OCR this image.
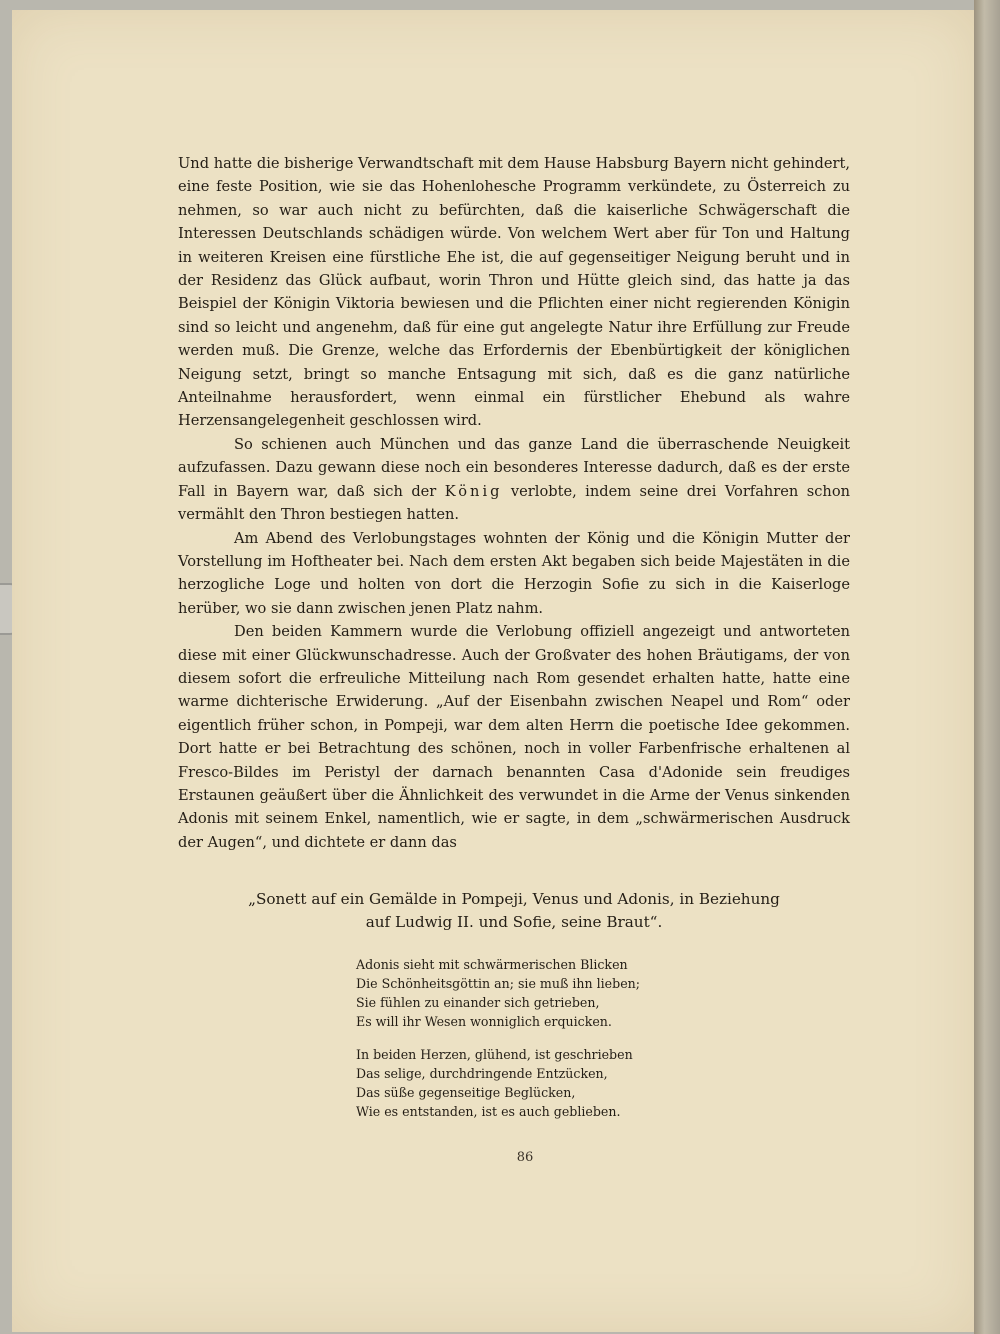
Und hatte die bisherige Verwandtschaft mit dem Hause Habsburg Bayern nicht gehindert, eine feste Position, wie sie das Hohenlohesche Programm verkündete, zu Österreich zu nehmen, so war auch nicht zu befürchten, daß die kaiserliche Schwägerschaft die Interessen Deutschlands schädigen würde. Von welchem Wert aber für Ton und Haltung in weiteren Kreisen eine fürstliche Ehe ist, die auf gegenseitiger Neigung beruht und in der Residenz das Glück aufbaut, worin Thron und Hütte gleich sind, das hatte ja das Beispiel der Königin Viktoria bewiesen und die Pflichten einer nicht regierenden Königin sind so leicht und angenehm, daß für eine gut angelegte Natur ihre Erfüllung zur Freude werden muß. Die Grenze, welche das Erfordernis der Ebenbürtigkeit der königlichen Neigung setzt, bringt so manche Entsagung mit sich, daß es die ganz natürliche Anteilnahme herausfordert, wenn einmal ein fürstlicher Ehebund als wahre Herzensangelegenheit geschlossen wird.

So schienen auch München und das ganze Land die überraschende Neuigkeit aufzufassen. Dazu gewann diese noch ein besonderes Interesse dadurch, daß es der erste Fall in Bayern war, daß sich der König verlobte, indem seine drei Vorfahren schon vermählt den Thron bestiegen hatten.

Am Abend des Verlobungstages wohnten der König und die Königin Mutter der Vorstellung im Hoftheater bei. Nach dem ersten Akt begaben sich beide Majestäten in die herzogliche Loge und holten von dort die Herzogin Sofie zu sich in die Kaiserloge herüber, wo sie dann zwischen jenen Platz nahm.

Den beiden Kammern wurde die Verlobung offiziell angezeigt und antworteten diese mit einer Glückwunschadresse. Auch der Großvater des hohen Bräutigams, der von diesem sofort die erfreuliche Mitteilung nach Rom gesendet erhalten hatte, hatte eine warme dichterische Erwiderung. „Auf der Eisenbahn zwischen Neapel und Rom“ oder eigentlich früher schon, in Pompeji, war dem alten Herrn die poetische Idee gekommen. Dort hatte er bei Betrachtung des schönen, noch in voller Farbenfrische erhaltenen al Fresco-Bildes im Peristyl der darnach benannten Casa d'Adonide sein freudiges Erstaunen geäußert über die Ähnlichkeit des verwundet in die Arme der Venus sinkenden Adonis mit seinem Enkel, namentlich, wie er sagte, in dem „schwärmerischen Ausdruck der Augen“, und dichtete er dann das

„Sonett auf ein Gemälde in Pompeji, Venus und Adonis, in Beziehung
auf Ludwig II. und Sofie, seine Braut“.
Adonis sieht mit schwärmerischen Blicken
Die Schönheitsgöttin an; sie muß ihn lieben;
Sie fühlen zu einander sich getrieben,
Es will ihr Wesen wonniglich erquicken.
In beiden Herzen, glühend, ist geschrieben
Das selige, durchdringende Entzücken,
Das süße gegenseitige Beglücken,
Wie es entstanden, ist es auch geblieben.
86
